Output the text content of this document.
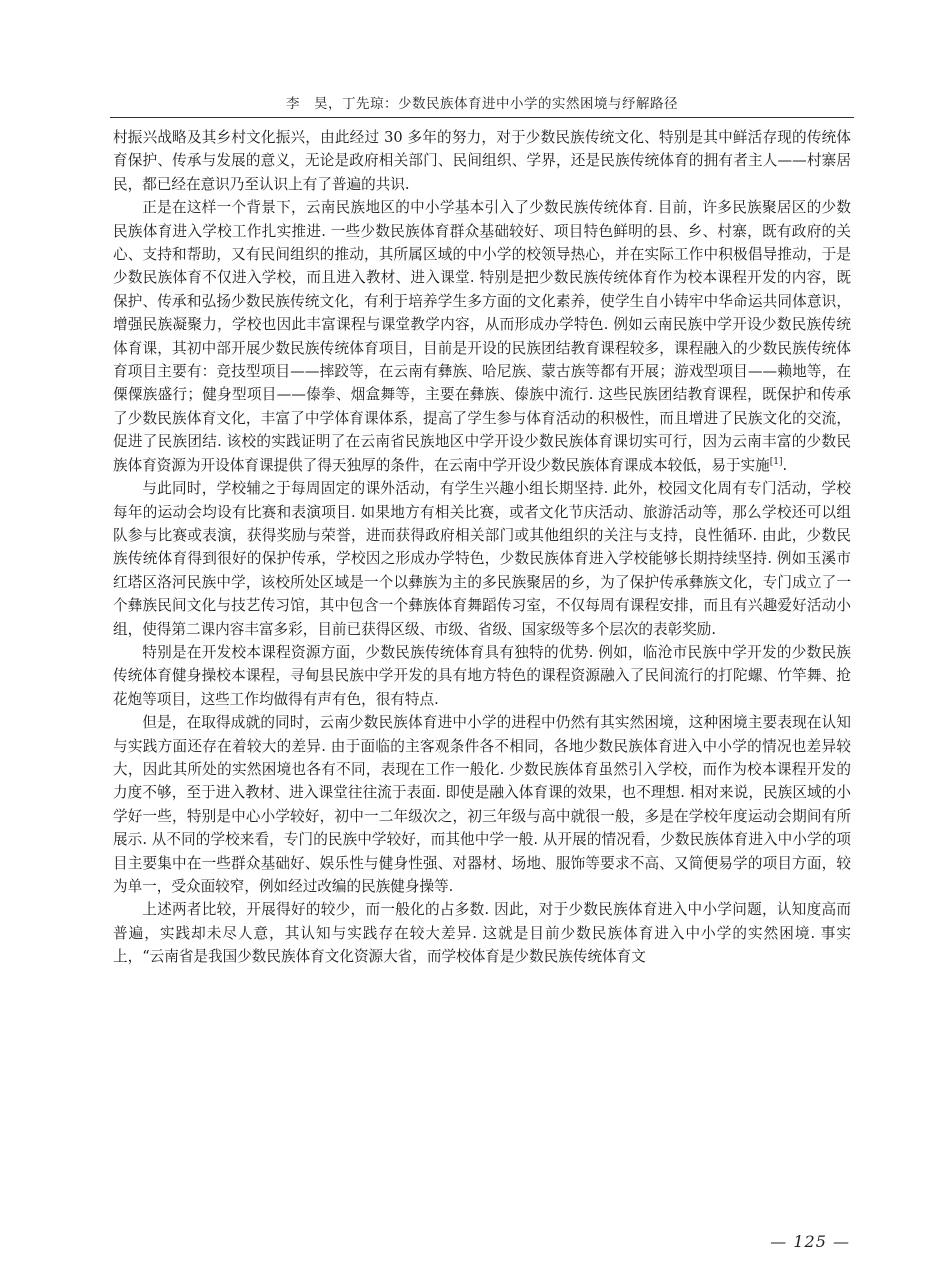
李　昊，丁先琼：少数民族体育进中小学的实然困境与纾解路径

村振兴战略及其乡村文化振兴，由此经过 30 多年的努力，对于少数民族传统文化、特别是其中鲜活存现的传统体育保护、传承与发展的意义，无论是政府相关部门、民间组织、学界，还是民族传统体育的拥有者主人——村寨居民，都已经在意识乃至认识上有了普遍的共识.

正是在这样一个背景下，云南民族地区的中小学基本引入了少数民族传统体育. 目前，许多民族聚居区的少数民族体育进入学校工作扎实推进. 一些少数民族体育群众基础较好、项目特色鲜明的县、乡、村寨，既有政府的关心、支持和帮助，又有民间组织的推动，其所属区域的中小学的校领导热心，并在实际工作中积极倡导推动，于是少数民族体育不仅进入学校，而且进入教材、进入课堂. 特别是把少数民族传统体育作为校本课程开发的内容，既保护、传承和弘扬少数民族传统文化，有利于培养学生多方面的文化素养，使学生自小铸牢中华命运共同体意识，增强民族凝聚力，学校也因此丰富课程与课堂教学内容，从而形成办学特色. 例如云南民族中学开设少数民族传统体育课，其初中部开展少数民族传统体育项目，目前是开设的民族团结教育课程较多，课程融入的少数民族传统体育项目主要有：竞技型项目——摔跤等，在云南有彝族、哈尼族、蒙古族等都有开展；游戏型项目——赖地等，在傈僳族盛行；健身型项目——傣拳、烟盒舞等，主要在彝族、傣族中流行. 这些民族团结教育课程，既保护和传承了少数民族体育文化，丰富了中学体育课体系，提高了学生参与体育活动的积极性，而且增进了民族文化的交流，促进了民族团结. 该校的实践证明了在云南省民族地区中学开设少数民族体育课切实可行，因为云南丰富的少数民族体育资源为开设体育课提供了得天独厚的条件，在云南中学开设少数民族体育课成本较低，易于实施[1].

与此同时，学校辅之于每周固定的课外活动，有学生兴趣小组长期坚持. 此外，校园文化周有专门活动，学校每年的运动会均设有比赛和表演项目. 如果地方有相关比赛，或者文化节庆活动、旅游活动等，那么学校还可以组队参与比赛或表演，获得奖励与荣誉，进而获得政府相关部门或其他组织的关注与支持，良性循环. 由此，少数民族传统体育得到很好的保护传承，学校因之形成办学特色，少数民族体育进入学校能够长期持续坚持. 例如玉溪市红塔区洛河民族中学，该校所处区域是一个以彝族为主的多民族聚居的乡，为了保护传承彝族文化，专门成立了一个彝族民间文化与技艺传习馆，其中包含一个彝族体育舞蹈传习室，不仅每周有课程安排，而且有兴趣爱好活动小组，使得第二课内容丰富多彩，目前已获得区级、市级、省级、国家级等多个层次的表彰奖励.

特别是在开发校本课程资源方面，少数民族传统体育具有独特的优势. 例如，临沧市民族中学开发的少数民族传统体育健身操校本课程，寻甸县民族中学开发的具有地方特色的课程资源融入了民间流行的打陀螺、竹竿舞、抢花炮等项目，这些工作均做得有声有色，很有特点.

但是，在取得成就的同时，云南少数民族体育进中小学的进程中仍然有其实然困境，这种困境主要表现在认知与实践方面还存在着较大的差异. 由于面临的主客观条件各不相同，各地少数民族体育进入中小学的情况也差异较大，因此其所处的实然困境也各有不同，表现在工作一般化. 少数民族体育虽然引入学校，而作为校本课程开发的力度不够，至于进入教材、进入课堂往往流于表面. 即使是融入体育课的效果，也不理想. 相对来说，民族区域的小学好一些，特别是中心小学较好，初中一二年级次之，初三年级与高中就很一般，多是在学校年度运动会期间有所展示. 从不同的学校来看，专门的民族中学较好，而其他中学一般. 从开展的情况看，少数民族体育进入中小学的项目主要集中在一些群众基础好、娱乐性与健身性强、对器材、场地、服饰等要求不高、又简便易学的项目方面，较为单一，受众面较窄，例如经过改编的民族健身操等.

上述两者比较，开展得好的较少，而一般化的占多数. 因此，对于少数民族体育进入中小学问题，认知度高而普遍，实践却未尽人意，其认知与实践存在较大差异. 这就是目前少数民族体育进入中小学的实然困境. 事实上，“云南省是我国少数民族体育文化资源大省，而学校体育是少数民族传统体育文

— 125 —
